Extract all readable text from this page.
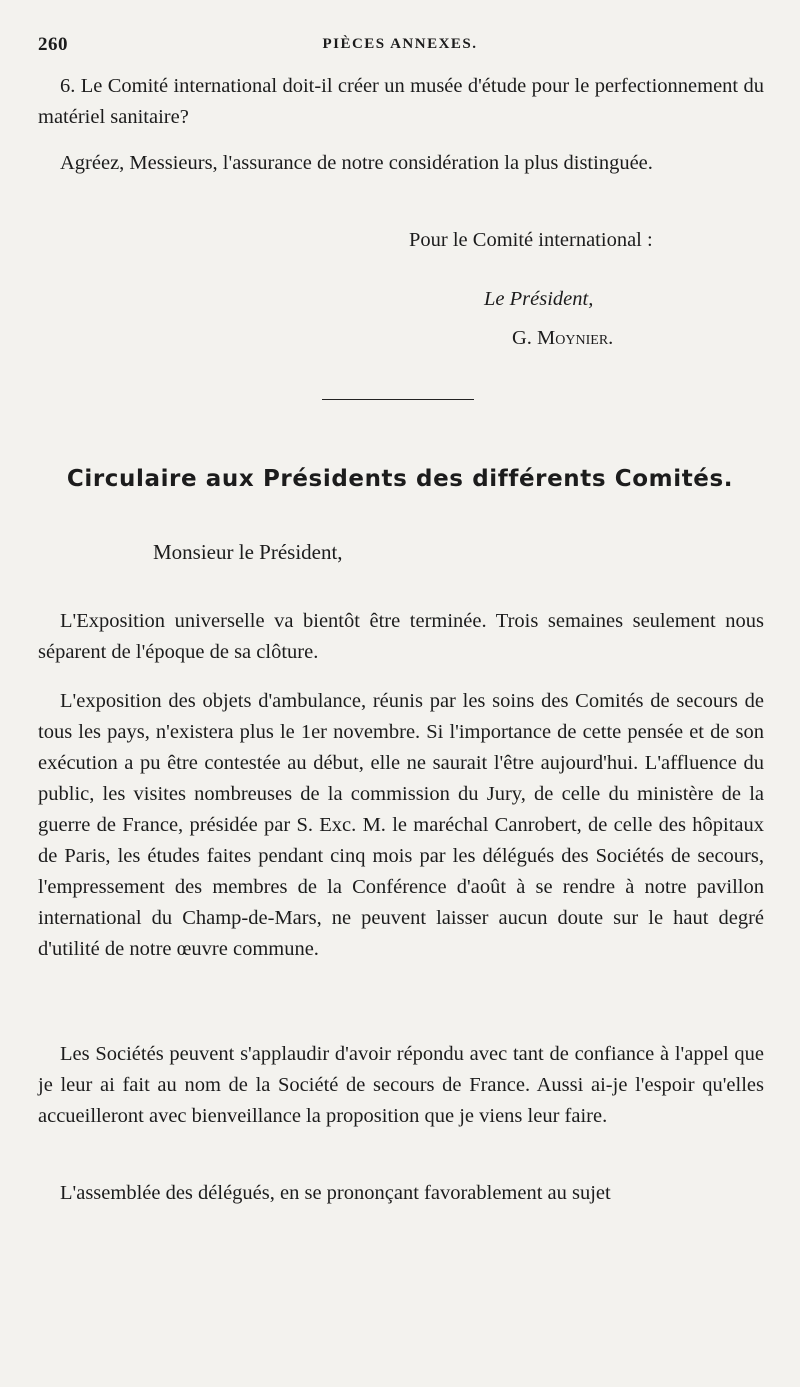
260	PIÈCES ANNEXES.
6. Le Comité international doit-il créer un musée d'étude pour le perfectionnement du matériel sanitaire?
Agréez, Messieurs, l'assurance de notre considération la plus distinguée.
Pour le Comité international :
Le Président,
G. Moynier.
Circulaire aux Présidents des différents Comités.
Monsieur le Président,
L'Exposition universelle va bientôt être terminée. Trois semaines seulement nous séparent de l'époque de sa clôture.
L'exposition des objets d'ambulance, réunis par les soins des Comités de secours de tous les pays, n'existera plus le 1er novembre. Si l'importance de cette pensée et de son exécution a pu être contestée au début, elle ne saurait l'être aujourd'hui. L'affluence du public, les visites nombreuses de la commission du Jury, de celle du ministère de la guerre de France, présidée par S. Exc. M. le maréchal Canrobert, de celle des hôpitaux de Paris, les études faites pendant cinq mois par les délégués des Sociétés de secours, l'empressement des membres de la Conférence d'août à se rendre à notre pavillon international du Champ-de-Mars, ne peuvent laisser aucun doute sur le haut degré d'utilité de notre œuvre commune.
Les Sociétés peuvent s'applaudir d'avoir répondu avec tant de confiance à l'appel que je leur ai fait au nom de la Société de secours de France. Aussi ai-je l'espoir qu'elles accueilleront avec bienveillance la proposition que je viens leur faire.
L'assemblée des délégués, en se prononçant favorablement au sujet
